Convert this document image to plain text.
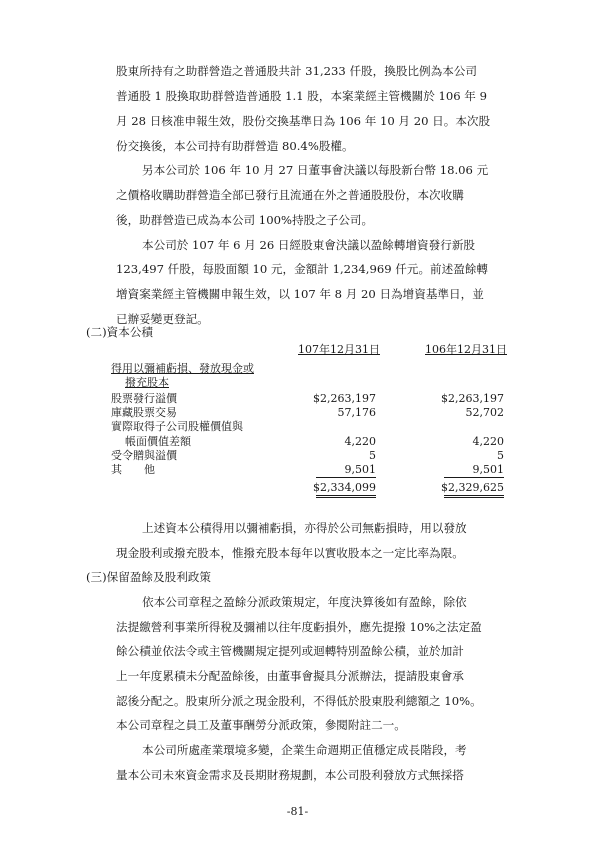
股東所持有之助群營造之普通股共計 31,233 仟股，換股比例為本公司
普通股 1 股換取助群營造普通股 1.1 股，本案業經主管機關於 106 年 9
月 28 日核准申報生效，股份交換基準日為 106 年 10 月 20 日。本次股
份交換後，本公司持有助群營造 80.4%股權。
另本公司於 106 年 10 月 27 日董事會決議以每股新台幣 18.06 元
之價格收購助群營造全部已發行且流通在外之普通股股份，本次收購
後，助群營造已成為本公司 100%持股之子公司。
本公司於 107 年 6 月 26 日經股東會決議以盈餘轉增資發行新股
123,497 仟股，每股面額 10 元，金額計 1,234,969 仟元。前述盈餘轉
增資案業經主管機關申報生效，以 107 年 8 月 20 日為增資基準日，並
已辦妥變更登記。
(二)資本公積
107年12月31日	106年12月31日
得用以彌補虧損、發放現金或
撥充股本
股票發行溢價	$2,263,197	$2,263,197
庫藏股票交易	57,176	52,702
實際取得子公司股權價值與
帳面價值差額	4,220	4,220
受令贈與溢價	5	5
其　　他	9,501	9,501
$2,334,099	$2,329,625
上述資本公積得用以彌補虧損，亦得於公司無虧損時，用以發放
現金股利或撥充股本，惟撥充股本每年以實收股本之一定比率為限。
(三)保留盈餘及股利政策
依本公司章程之盈餘分派政策規定，年度決算後如有盈餘，除依
法提繳營利事業所得稅及彌補以往年度虧損外，應先提撥 10%之法定盈
餘公積並依法令或主管機關規定提列或迴轉特別盈餘公積，並於加計
上一年度累積未分配盈餘後，由董事會擬具分派辦法，提請股東會承
認後分配之。股東所分派之現金股利，不得低於股東股利總額之 10%。
本公司章程之員工及董事酬勞分派政策，參閱附註二一。
本公司所處產業環境多變，企業生命週期正值穩定成長階段，考
量本公司未來資金需求及長期財務規劃，本公司股利發放方式無採搭
-81-
